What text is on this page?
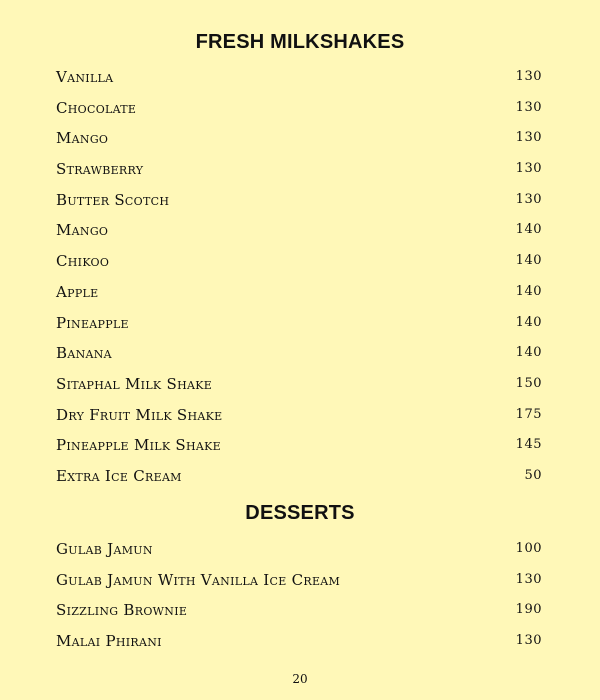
FRESH MILKSHAKES
Vanilla	130
Chocolate	130
Mango	130
Strawberry	130
Butter Scotch	130
Mango	140
Chikoo	140
Apple	140
Pineapple	140
Banana	140
Sitaphal Milk Shake	150
Dry Fruit Milk Shake	175
Pineapple Milk Shake	145
Extra Ice Cream	50
DESSERTS
Gulab Jamun	100
Gulab Jamun With Vanilla Ice Cream	130
Sizzling Brownie	190
Malai Phirani	130
20
